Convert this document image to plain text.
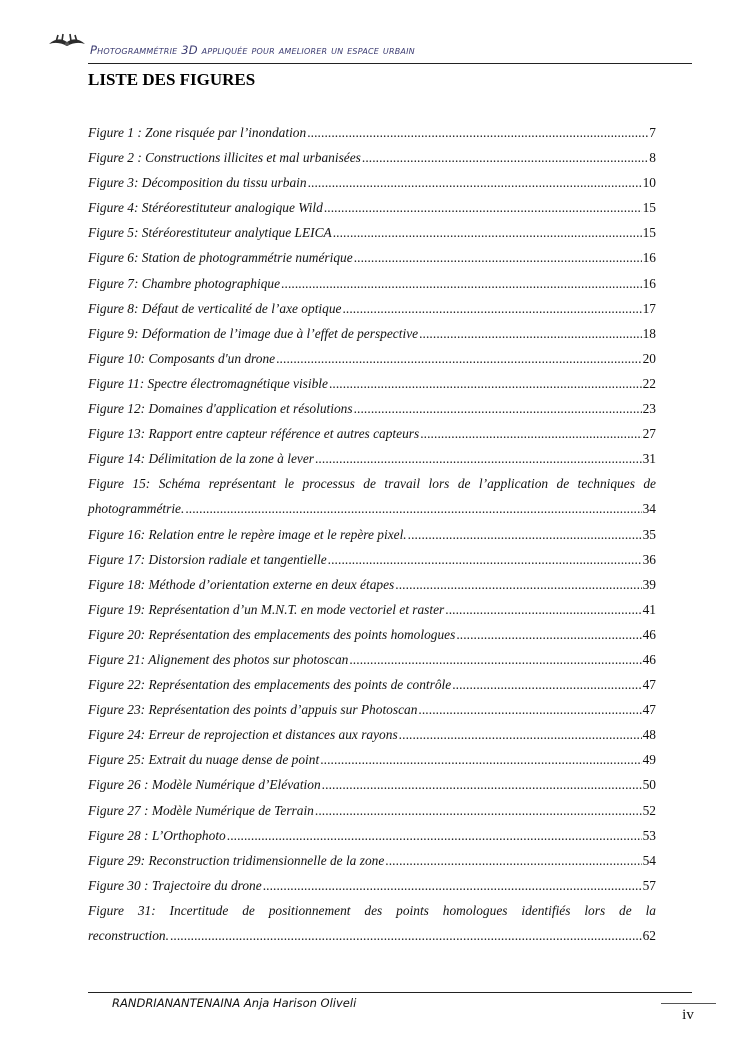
Photogrammétrie 3D appliquée pour ameliorer un espace urbain
LISTE DES FIGURES
Figure 1 : Zone risquée par l’inondation .....	7
Figure 2 : Constructions illicites et mal urbanisées .....	8
Figure 3: Décomposition du tissu urbain .....	10
Figure 4: Stéréorestituteur analogique Wild .....	15
Figure 5: Stéréorestituteur analytique LEICA .....	15
Figure 6: Station de photogrammétrie numérique .....	16
Figure 7: Chambre photographique .....	16
Figure 8: Défaut de verticalité de l’axe optique .....	17
Figure 9: Déformation de l’image due à l’effet de perspective .....	18
Figure 10: Composants d'un drone .....	20
Figure 11: Spectre électromagnétique visible .....	22
Figure 12: Domaines d'application et résolutions .....	23
Figure 13: Rapport entre capteur référence et autres capteurs .....	27
Figure 14: Délimitation de la zone à lever .....	31
Figure 15: Schéma représentant le processus de travail lors de l’application de techniques de
photogrammétrie. .....	34
Figure 16: Relation entre le repère image et le repère pixel. .....	35
Figure 17: Distorsion radiale et tangentielle .....	36
Figure 18: Méthode d’orientation externe en deux étapes .....	39
Figure 19: Représentation d’un M.N.T. en mode vectoriel et raster .....	41
Figure 20: Représentation des emplacements des points homologues .....	46
Figure 21: Alignement des photos sur photoscan .....	46
Figure 22: Représentation des emplacements des points de contrôle .....	47
Figure 23: Représentation des points d’appuis sur Photoscan .....	47
Figure 24: Erreur de reprojection et distances aux rayons .....	48
Figure 25: Extrait du nuage dense de point .....	49
Figure 26 : Modèle Numérique d’Elévation .....	50
Figure 27 : Modèle Numérique de Terrain .....	52
Figure 28 : L’Orthophoto .....	53
Figure 29: Reconstruction tridimensionnelle de la zone .....	54
Figure 30 : Trajectoire du drone .....	57
Figure 31: Incertitude de positionnement des points homologues identifiés lors de la
reconstruction. .....	62
RANDRIANANTENAINA Anja Harison Oliveli
iv
